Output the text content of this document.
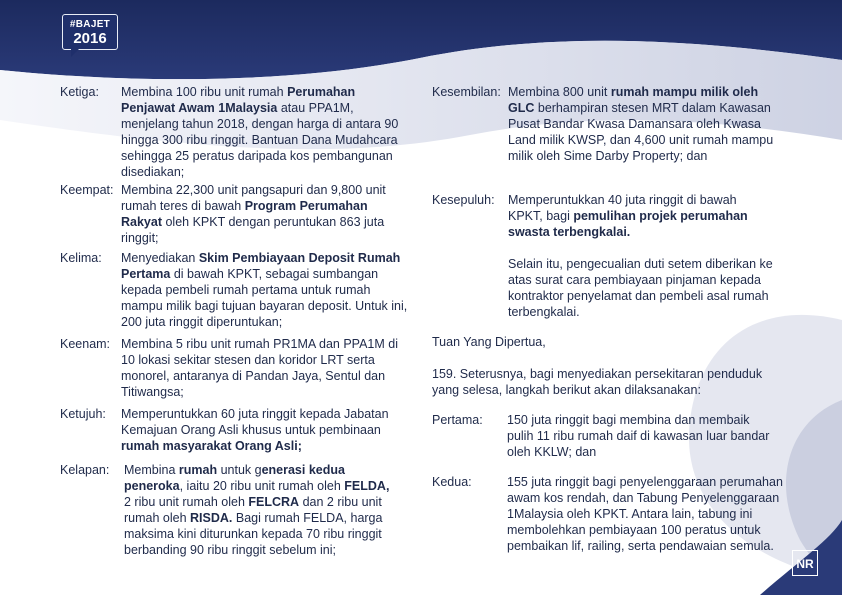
#BAJET
2016
Ketiga: Membina 100 ribu unit rumah Perumahan Penjawat Awam 1Malaysia atau PPA1M, menjelang tahun 2018, dengan harga di antara 90 hingga 300 ribu ringgit. Bantuan Dana Mudahcara sehingga 25 peratus daripada kos pembangunan disediakan;
Keempat: Membina 22,300 unit pangsapuri dan 9,800 unit rumah teres di bawah Program Perumahan Rakyat oleh KPKT dengan peruntukan 863 juta ringgit;
Kelima: Menyediakan Skim Pembiayaan Deposit Rumah Pertama di bawah KPKT, sebagai sumbangan kepada pembeli rumah pertama untuk rumah mampu milik bagi tujuan bayaran deposit. Untuk ini, 200 juta ringgit diperuntukan;
Keenam: Membina 5 ribu unit rumah PR1MA dan PPA1M di 10 lokasi sekitar stesen dan koridor LRT serta monorel, antaranya di Pandan Jaya, Sentul dan Titiwangsa;
Ketujuh: Memperuntukkan 60 juta ringgit kepada Jabatan Kemajuan Orang Asli khusus untuk pembinaan rumah masyarakat Orang Asli;
Kelapan: Membina rumah untuk generasi kedua peneroka, iaitu 20 ribu unit rumah oleh FELDA, 2 ribu unit rumah oleh FELCRA dan 2 ribu unit rumah oleh RISDA. Bagi rumah FELDA, harga maksima kini diturunkan kepada 70 ribu ringgit berbanding 90 ribu ringgit sebelum ini;
Kesembilan: Membina 800 unit rumah mampu milik oleh GLC berhampiran stesen MRT dalam Kawasan Pusat Bandar Kwasa Damansara oleh Kwasa Land milik KWSP, dan 4,600 unit rumah mampu milik oleh Sime Darby Property; dan
Kesepuluh: Memperuntukkan 40 juta ringgit di bawah KPKT, bagi pemulihan projek perumahan swasta terbengkalai.
Selain itu, pengecualian duti setem diberikan ke atas surat cara pembiayaan pinjaman kepada kontraktor penyelamat dan pembeli asal rumah terbengkalai.
Tuan Yang Dipertua,
159. Seterusnya, bagi menyediakan persekitaran penduduk yang selesa, langkah berikut akan dilaksanakan:
Pertama: 150 juta ringgit bagi membina dan membaik pulih 11 ribu rumah daif di kawasan luar bandar oleh KKLW; dan
Kedua:	155 juta ringgit bagi penyelenggaraan perumahan awam kos rendah, dan Tabung Penyelenggaraan 1Malaysia oleh KPKT. Antara lain, tabung ini membolehkan pembiayaan 100 peratus untuk pembaikan lif, railing, serta pendawaian semula.
NR
